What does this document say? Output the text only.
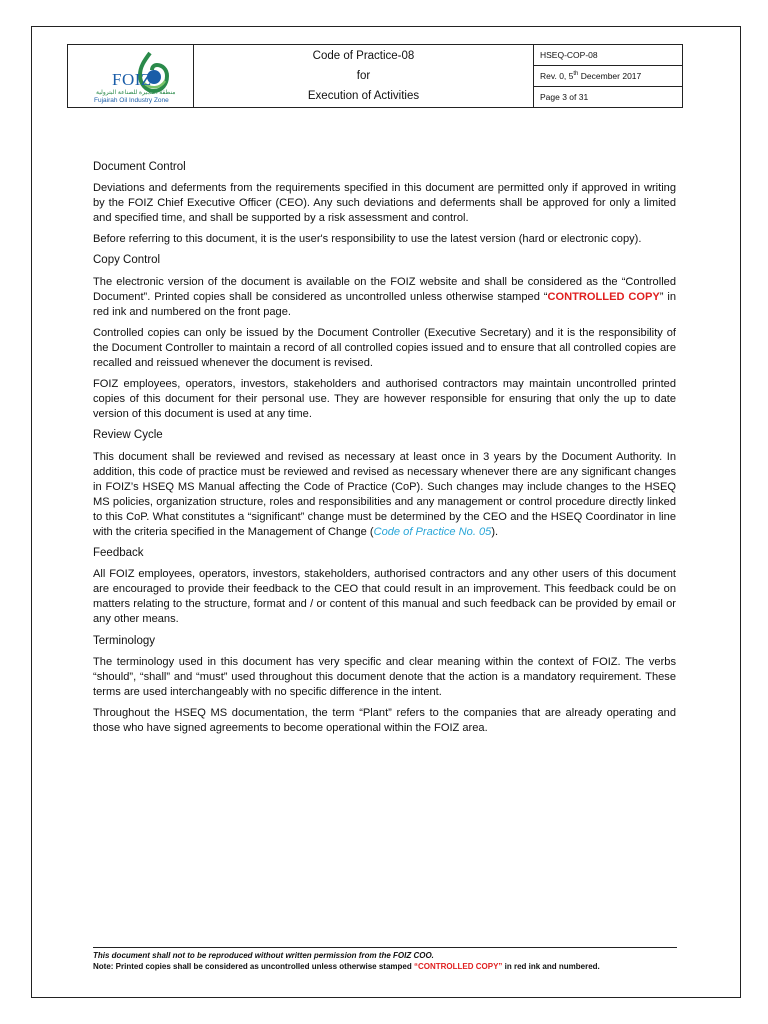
FOIZ
منطقة الفجيرة للصناعة البترولية
Fujairah Oil Industry Zone

Code of Practice-08
for
Execution of Activities
	HSEQ-COP-08
Rev. 0, 5th December 2017
Page 3 of 31
Document Control

Deviations and deferments from the requirements specified in this document are permitted only if approved in writing by the FOIZ Chief Executive Officer (CEO). Any such deviations and deferments shall be approved for only a limited and specified time, and shall be supported by a risk assessment and control.

Before referring to this document, it is the user's responsibility to use the latest version (hard or electronic copy).

Copy Control

The electronic version of the document is available on the FOIZ website and shall be considered as the “Controlled Document”. Printed copies shall be considered as uncontrolled unless otherwise stamped “CONTROLLED COPY” in red ink and numbered on the front page.

Controlled copies can only be issued by the Document Controller (Executive Secretary) and it is the responsibility of the Document Controller to maintain a record of all controlled copies issued and to ensure that all controlled copies are recalled and reissued whenever the document is revised.

FOIZ employees, operators, investors, stakeholders and authorised contractors may maintain uncontrolled printed copies of this document for their personal use. They are however responsible for ensuring that only the up to date version of this document is used at any time.

Review Cycle

This document shall be reviewed and revised as necessary at least once in 3 years by the Document Authority. In addition, this code of practice must be reviewed and revised as necessary whenever there are any significant changes in FOIZ’s HSEQ MS Manual affecting the Code of Practice (CoP). Such changes may include changes to the HSEQ MS policies, organization structure, roles and responsibilities and any management or control procedure directly linked to this CoP. What constitutes a “significant” change must be determined by the CEO and the HSEQ Coordinator in line with the criteria specified in the Management of Change (Code of Practice No. 05).

Feedback

All FOIZ employees, operators, investors, stakeholders, authorised contractors and any other users of this document are encouraged to provide their feedback to the CEO that could result in an improvement. This feedback could be on matters relating to the structure, format and / or content of this manual and such feedback can be provided by email or any other means.

Terminology

The terminology used in this document has very specific and clear meaning within the context of FOIZ. The verbs “should”, “shall” and “must” used throughout this document denote that the action is a mandatory requirement. These terms are used interchangeably with no specific difference in the intent.

Throughout the HSEQ MS documentation, the term “Plant” refers to the companies that are already operating and those who have signed agreements to become operational within the FOIZ area.

This document shall not to be reproduced without written permission from the FOIZ COO.
Note: Printed copies shall be considered as uncontrolled unless otherwise stamped “CONTROLLED COPY” in red ink and numbered.
